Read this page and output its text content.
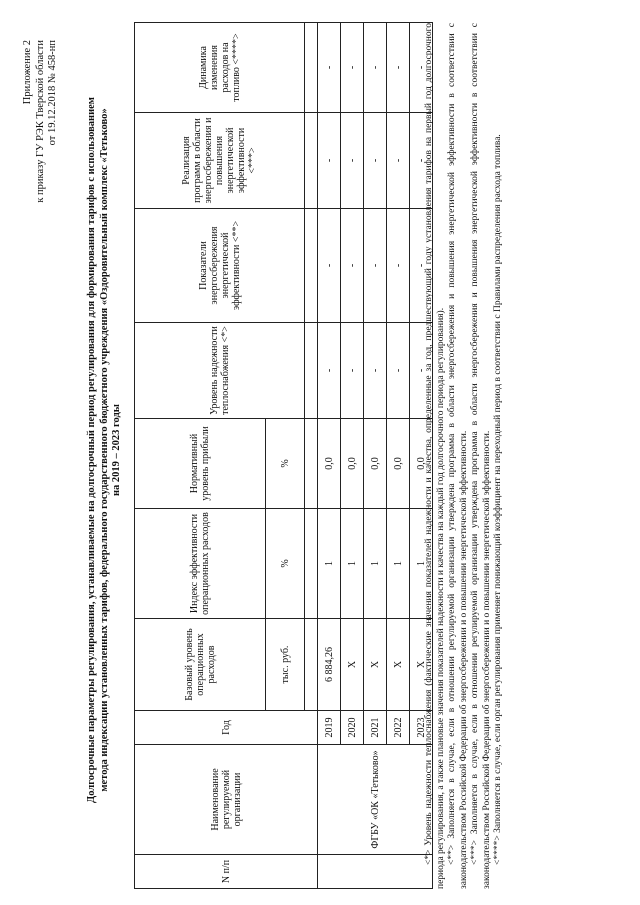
Приложение 2 к приказу ГУ РЭК Тверской области от 19.12.2018 № 458-нп
Долгосрочные параметры регулирования, устанавливаемые на долгосрочный период регулирования для формирования тарифов с использованием метода индексации установленных тарифов, федерального государственного бюджетного учреждения «Оздоровительный комплекс «Тетьково» на 2019 – 2023 годы
N п/п	Наименование регулируемой организации	Год	Базовый уровень операционных расходов	Индекс эффективности операционных расходов	Нормативный уровень прибыли	Уровень надежности теплоснабжения <*>	Показатели энергосбережения энергетической эффективности <**>	Реализация программ в области энергосбережения и повышения энергетической эффективности <***>	Динамика изменения расходов на топливо <****>
			тыс. руб.	%	%				

	ФГБУ «ОК «Тетьково»	2019	6 884,26	1	0,0	-	-	-	-
		2020	Х	1	0,0	-	-	-	-
		2021	Х	1	0,0	-	-	-	-
		2022	Х	1	0,0	-	-	-	-
		2023	Х	1	0,0	-	-	-	-

<*> Уровень надежности теплоснабжения (фактические значения показателей надежности и качества, определенные за год, предшествующий году установления тарифов на первый год долгосрочного периода регулирования, а также плановые значения показателей надежности и качества на каждый год долгосрочного периода регулирования). <**> Заполняется в случае, если в отношении регулируемой организации утверждена программа в области энергосбережения и повышения энергетической эффективности в соответствии с законодательством Российской Федерации об энергосбережении и о повышении энергетической эффективности. <***> Заполняется в случае, если в отношении регулируемой организации утверждена программа в области энергосбережения и повышения энергетической эффективности в соответствии с законодательством Российской Федерации об энергосбережении и о повышении энергетической эффективности. <****> Заполняется в случае, если орган регулирования применяет понижающий коэффициент на переходный период в соответствии с Правилами распределения расхода топлива.
